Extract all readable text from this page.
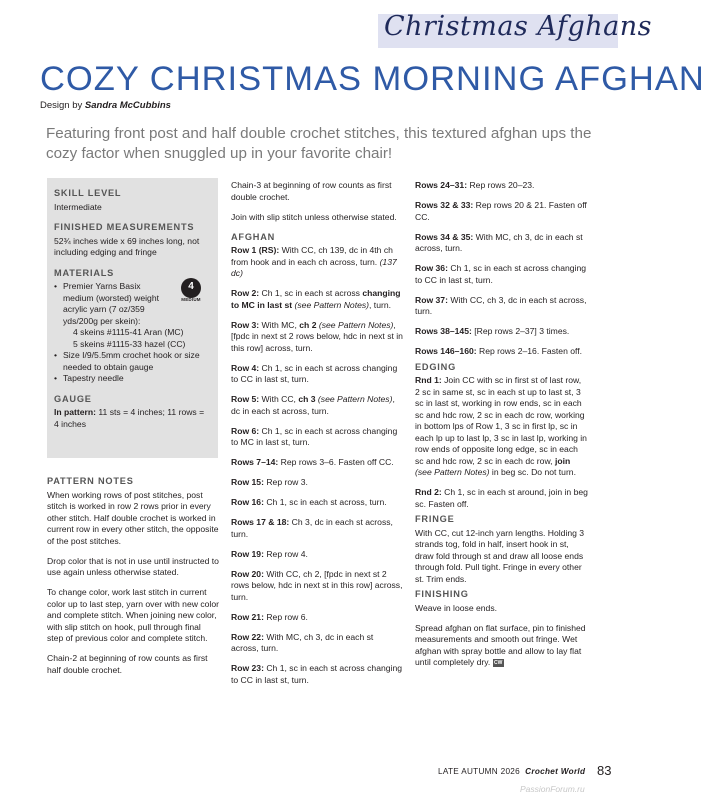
Christmas Afghans
COZY CHRISTMAS MORNING AFGHAN
Design by Sandra McCubbins
Featuring front post and half double crochet stitches, this textured afghan ups the cozy factor when snuggled up in your favorite chair!
SKILL LEVEL

Intermediate

FINISHED MEASUREMENTS

52¾ inches wide x 69 inches long, not including edging and fringe

MATERIALS
• Premier Yarns Basix medium (worsted) weight acrylic yarn (7 oz/359 yds/200g per skein):
4 skeins #1115-41 Aran (MC)
5 skeins #1115-33 hazel (CC)
• Size I/9/5.5mm crochet hook or size needed to obtain gauge
• Tapestry needle
GAUGE

In pattern: 11 sts = 4 inches; 11 rows = 4 inches

4
MEDIUM
PATTERN NOTES

When working rows of post stitches, post stitch is worked in row 2 rows prior in every other stitch. Half double crochet is worked in current row in every other stitch, the opposite of the post stitches.

Drop color that is not in use until instructed to use again unless otherwise stated.

To change color, work last stitch in current color up to last step, yarn over with new color and complete stitch. When joining new color, with slip stitch on hook, pull through final step of previous color and complete stitch.

Chain-2 at beginning of row counts as first half double crochet.

Chain-3 at beginning of row counts as first double crochet.

Join with slip stitch unless otherwise stated.

AFGHAN

Row 1 (RS): With CC, ch 139, dc in 4th ch from hook and in each ch across, turn. (137 dc)

Row 2: Ch 1, sc in each st across changing to MC in last st (see Pattern Notes), turn.

Row 3: With MC, ch 2 (see Pattern Notes), [fpdc in next st 2 rows below, hdc in next st in this row] across, turn.

Row 4: Ch 1, sc in each st across changing to CC in last st, turn.

Row 5: With CC, ch 3 (see Pattern Notes), dc in each st across, turn.

Row 6: Ch 1, sc in each st across changing to MC in last st, turn.

Rows 7–14: Rep rows 3–6. Fasten off CC.

Row 15: Rep row 3.

Row 16: Ch 1, sc in each st across, turn.

Rows 17 & 18: Ch 3, dc in each st across, turn.

Row 19: Rep row 4.

Row 20: With CC, ch 2, [fpdc in next st 2 rows below, hdc in next st in this row] across, turn.

Row 21: Rep row 6.

Row 22: With MC, ch 3, dc in each st across, turn.

Row 23: Ch 1, sc in each st across changing to CC in last st, turn.

Rows 24–31: Rep rows 20–23.

Rows 32 & 33: Rep rows 20 & 21. Fasten off CC.

Rows 34 & 35: With MC, ch 3, dc in each st across, turn.

Row 36: Ch 1, sc in each st across changing to CC in last st, turn.

Row 37: With CC, ch 3, dc in each st across, turn.

Rows 38–145: [Rep rows 2–37] 3 times.

Rows 146–160: Rep rows 2–16. Fasten off.

EDGING

Rnd 1: Join CC with sc in first st of last row, 2 sc in same st, sc in each st up to last st, 3 sc in last st, working in row ends, sc in each sc and hdc row, 2 sc in each dc row, working in bottom lps of Row 1, 3 sc in first lp, sc in each lp up to last lp, 3 sc in last lp, working in row ends of opposite long edge, sc in each sc and hdc row, 2 sc in each dc row, join (see Pattern Notes) in beg sc. Do not turn.

Rnd 2: Ch 1, sc in each st around, join in beg sc. Fasten off.

FRINGE

With CC, cut 12-inch yarn lengths. Holding 3 strands tog, fold in half, insert hook in st, draw fold through st and draw all loose ends through fold. Pull tight. Fringe in every other st. Trim ends.

FINISHING

Weave in loose ends.

Spread afghan on flat surface, pin to finished measurements and smooth out fringe. Wet afghan with spray bottle and allow to lay flat until completely dry. CW

LATE AUTUMN 2026 Crochet World 83
PassionForum.ru
